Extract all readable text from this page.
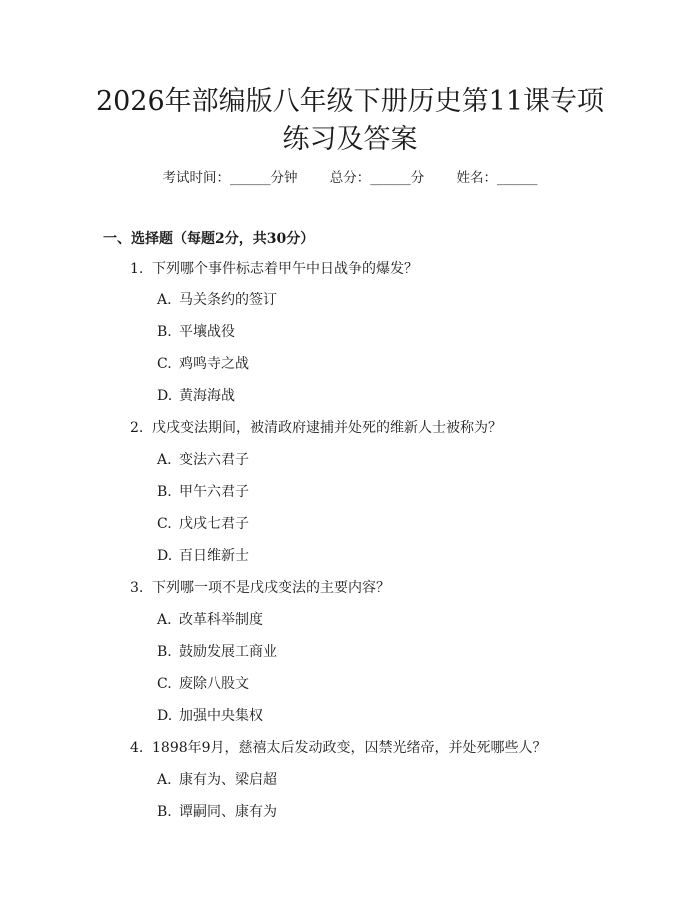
2026年部编版八年级下册历史第11课专项
练习及答案
考试时间：______分钟 总分：______分 姓名：______
一、选择题（每题2分，共30分）
1. 下列哪个事件标志着甲午中日战争的爆发？
A. 马关条约的签订
B. 平壤战役
C. 鸡鸣寺之战
D. 黄海海战
2. 戊戌变法期间，被清政府逮捕并处死的维新人士被称为？
A. 变法六君子
B. 甲午六君子
C. 戊戌七君子
D. 百日维新士
3. 下列哪一项不是戊戌变法的主要内容？
A. 改革科举制度
B. 鼓励发展工商业
C. 废除八股文
D. 加强中央集权
4. 1898年9月，慈禧太后发动政变，囚禁光绪帝，并处死哪些人？
A. 康有为、梁启超
B. 谭嗣同、康有为
